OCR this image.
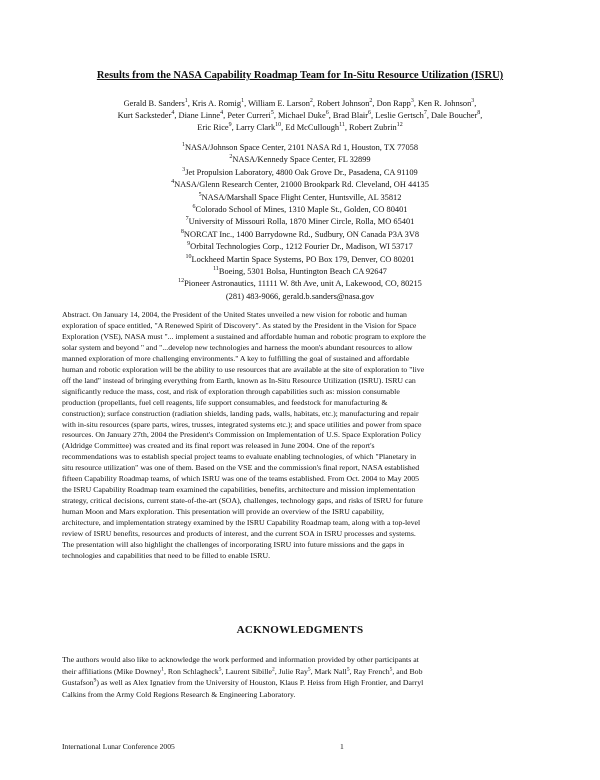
Results from the NASA Capability Roadmap Team for In-Situ Resource Utilization (ISRU)
Gerald B. Sanders$^1$, Kris A. Romig$^1$, William E. Larson$^2$, Robert Johnson$^2$, Don Rapp$^3$, Ken R. Johnson$^3$,
Kurt Sacksteder$^4$, Diane Linne$^4$, Peter Curreri$^5$, Michael Duke$^6$, Brad Blair$^6$, Leslie Gertsch$^7$, Dale Boucher$^8$,
Eric Rice$^9$, Larry Clark$^{10}$, Ed McCullough$^{11}$, Robert Zubrin$^{12}$
$^1$NASA/Johnson Space Center, 2101 NASA Rd 1, Houston, TX 77058
$^2$NASA/Kennedy Space Center, FL 32899
$^3$Jet Propulsion Laboratory, 4800 Oak Grove Dr., Pasadena, CA 91109
$^4$NASA/Glenn Research Center, 21000 Brookpark Rd. Cleveland, OH 44135
$^5$NASA/Marshall Space Flight Center, Huntsville, AL 35812
$^6$Colorado School of Mines, 1310 Maple St., Golden, CO 80401
$^7$University of Missouri Rolla, 1870 Miner Circle, Rolla, MO 65401
$^8$NORCAT Inc., 1400 Barrydowne Rd., Sudbury, ON Canada P3A 3V8
$^9$Orbital Technologies Corp., 1212 Fourier Dr., Madison, WI 53717
$^{10}$Lockheed Martin Space Systems, PO Box 179, Denver, CO 80201
$^{11}$Boeing, 5301 Bolsa, Huntington Beach CA 92647
$^{12}$Pioneer Astronautics, 11111 W. 8th Ave, unit A, Lakewood, CO, 80215
(281) 483-9066, gerald.b.sanders@nasa.gov
Abstract. On January 14, 2004, the President of the United States unveiled a new vision for robotic and human
exploration of space entitled, "A Renewed Spirit of Discovery". As stated by the President in the Vision for Space
Exploration (VSE), NASA must "... implement a sustained and affordable human and robotic program to explore the
solar system and beyond " and "...develop new technologies and harness the moon's abundant resources to allow
manned exploration of more challenging environments." A key to fulfilling the goal of sustained and affordable
human and robotic exploration will be the ability to use resources that are available at the site of exploration to "live
off the land" instead of bringing everything from Earth, known as In-Situ Resource Utilization (ISRU). ISRU can
significantly reduce the mass, cost, and risk of exploration through capabilities such as: mission consumable
production (propellants, fuel cell reagents, life support consumables, and feedstock for manufacturing &
construction); surface construction (radiation shields, landing pads, walls, habitats, etc.); manufacturing and repair
with in-situ resources (spare parts, wires, trusses, integrated systems etc.); and space utilities and power from space
resources. On January 27th, 2004 the President's Commission on Implementation of U.S. Space Exploration Policy
(Aldridge Committee) was created and its final report was released in June 2004. One of the report's
recommendations was to establish special project teams to evaluate enabling technologies, of which "Planetary in
situ resource utilization" was one of them. Based on the VSE and the commission's final report, NASA established
fifteen Capability Roadmap teams, of which ISRU was one of the teams established. From Oct. 2004 to May 2005
the ISRU Capability Roadmap team examined the capabilities, benefits, architecture and mission implementation
strategy, critical decisions, current state-of-the-art (SOA), challenges, technology gaps, and risks of ISRU for future
human Moon and Mars exploration. This presentation will provide an overview of the ISRU capability,
architecture, and implementation strategy examined by the ISRU Capability Roadmap team, along with a top-level
review of ISRU benefits, resources and products of interest, and the current SOA in ISRU processes and systems.
The presentation will also highlight the challenges of incorporating ISRU into future missions and the gaps in
technologies and capabilities that need to be filled to enable ISRU.
ACKNOWLEDGMENTS
The authors would also like to acknowledge the work performed and information provided by other participants at
their affiliations (Mike Downey$^1$, Ron Schlagheck$^5$, Laurent Sibille$^2$, Julie Ray$^5$, Mark Nall$^5$, Ray French$^5$, and Bob
Gustafson$^9$) as well as Alex Ignatiev from the University of Houston, Klaus P. Heiss from High Frontier, and Darryl
Calkins from the Army Cold Regions Research & Engineering Laboratory.
International Lunar Conference 2005	1
